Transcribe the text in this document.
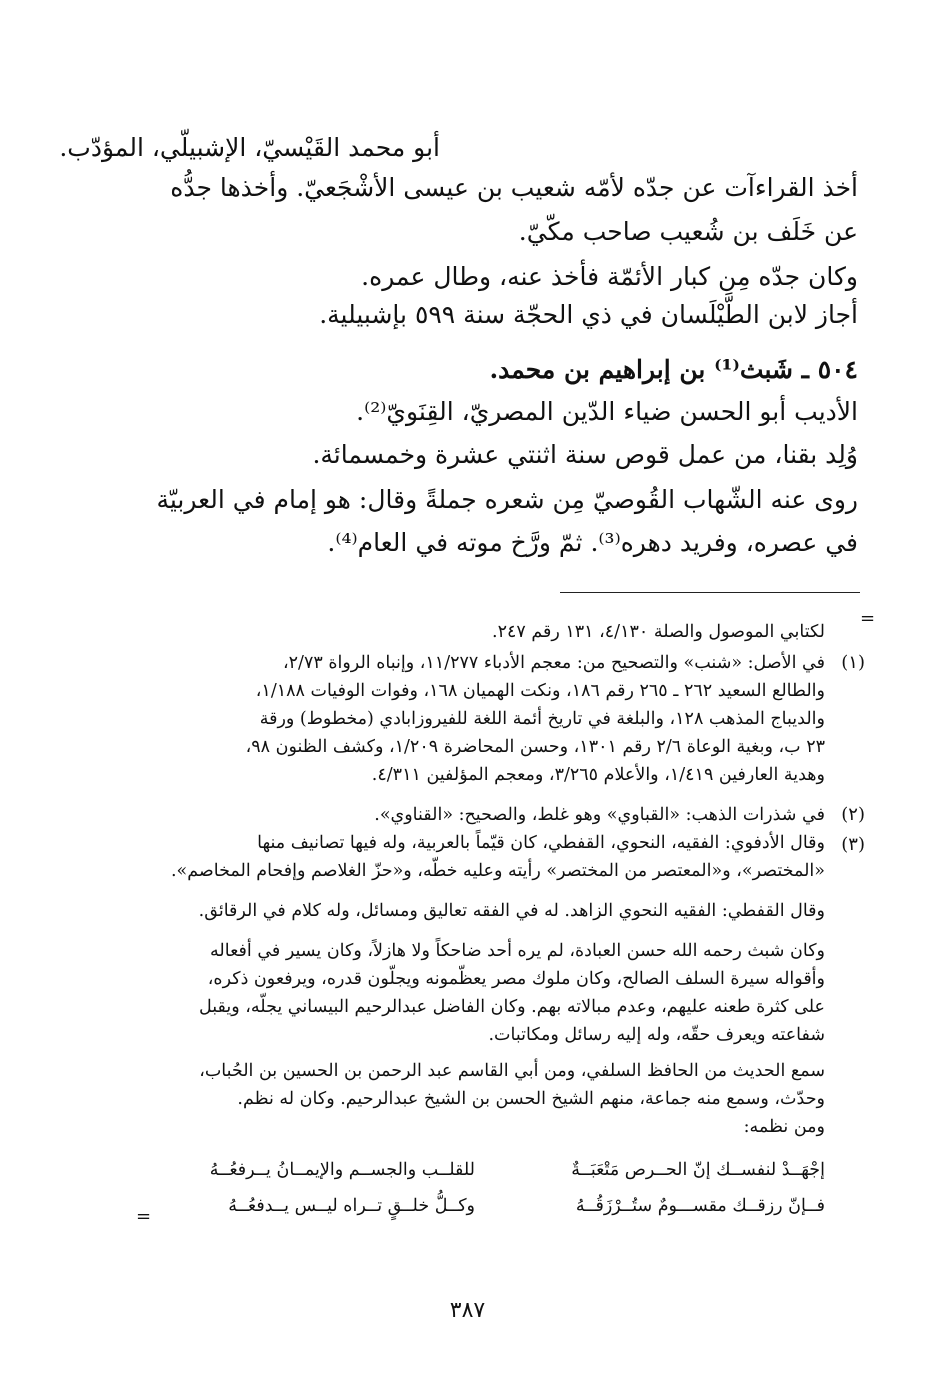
أبو محمد القَيْسيّ، الإشبيلّي، المؤدّب.
أخذ القراءآت عن جدّه لأمّه شعيب بن عيسى الأشْجَعيّ. وأخذها جدُّه
عن خَلَف بن شُعيب صاحب مكّيّ.
وكان جدّه مِن كبار الأئمّة فأخذ عنه، وطال عمره.
أجاز لابن الطَّيْلَسان في ذي الحجّة سنة ٥٩٩ بإشبيلية.
٥٠٤ ـ شَبث⁽¹⁾ بن إبراهيم بن محمد.
الأديب أبو الحسن ضياء الدّين المصريّ، القِنَويّ⁽²⁾.
وُلِد بقنا، من عمل قوص سنة اثنتي عشرة وخمسمائة.
روى عنه الشّهاب القُوصيّ مِن شعره جملةً وقال: هو إمام في العربيّة
في عصره، وفريد دهره⁽³⁾. ثمّ ورَّخ موته في العام⁽⁴⁾.
=
لكتابي الموصول والصلة ٤/١٣٠، ١٣١ رقم ٢٤٧.
(١)
في الأصل: «شنب» والتصحيح من: معجم الأدباء ١١/٢٧٧، وإنباه الرواة ٢/٧٣،
والطالع السعيد ٢٦٢ ـ ٢٦٥ رقم ١٨٦، ونكت الهميان ١٦٨، وفوات الوفيات ١/١٨٨،
والديباج المذهب ١٢٨، والبلغة في تاريخ أئمة اللغة للفيروزابادي (مخطوط) ورقة
٢٣ ب، وبغية الوعاة ٢/٦ رقم ١٣٠١، وحسن المحاضرة ١/٢٠٩، وكشف الظنون ٩٨،
وهدية العارفين ١/٤١٩، والأعلام ٣/٢٦٥، ومعجم المؤلفين ٤/٣١١.
(٢)
في شذرات الذهب: «القباوي» وهو غلط، والصحيح: «القناوي».
(٣)
وقال الأدفوي: الفقيه، النحوي، القفطي، كان قيّماً بالعربية، وله فيها تصانيف منها
«المختصر»، و«المعتصر من المختصر» رأيته وعليه خطّه، و«حزّ الغلاصم وإفحام المخاصم».
وقال القفطي: الفقيه النحوي الزاهد. له في الفقه تعاليق ومسائل، وله كلام في الرقائق.
وكان شبث رحمه الله حسن العبادة، لم يره أحد ضاحكاً ولا هازلاً، وكان يسير في أفعاله
وأقواله سيرة السلف الصالح، وكان ملوك مصر يعظّمونه ويجلّون قدره، ويرفعون ذكره،
على كثرة طعنه عليهم، وعدم مبالاته بهم. وكان الفاضل عبدالرحيم البيساني يجلّه، ويقبل
شفاعته ويعرف حقّه، وله إليه رسائل ومكاتبات.
سمع الحديث من الحافظ السلفي، ومن أبي القاسم عبد الرحمن بن الحسين بن الحُباب،
وحدّث، وسمع منه جماعة، منهم الشيخ الحسن بن الشيخ عبدالرحيم. وكان له نظم.
ومن نظمه:
إجْهَــدْ لنفســك إنّ الحــرص مَتْعَبَــةٌ
للقلــب والجســم والإيمــانُ يــرفعُــهُ
فــإنّ رزقــك مقســـومٌ ستُــرْزَقُــهُ
وكــلُّ خلــقٍ تــراه ليــس يــدفعُــهُ
=
٣٨٧
